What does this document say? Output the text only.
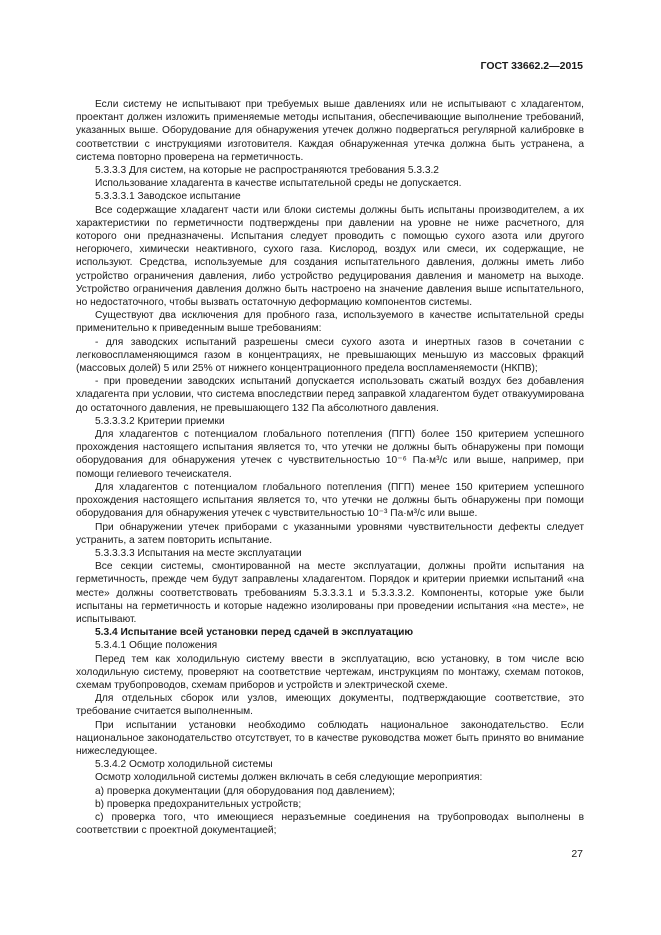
ГОСТ 33662.2—2015

Если систему не испытывают при требуемых выше давлениях или не испытывают с хладагентом, проектант должен изложить применяемые методы испытания, обеспечивающие выполнение требований, указанных выше. Оборудование для обнаружения утечек должно подвергаться регулярной калибровке в соответствии с инструкциями изготовителя. Каждая обнаруженная утечка должна быть устранена, а система повторно проверена на герметичность.

5.3.3.3 Для систем, на которые не распространяются требования 5.3.3.2

Использование хладагента в качестве испытательной среды не допускается.

5.3.3.3.1 Заводское испытание

Все содержащие хладагент части или блоки системы должны быть испытаны производителем, а их характеристики по герметичности подтверждены при давлении на уровне не ниже расчетного, для которого они предназначены. Испытания следует проводить с помощью сухого азота или другого негорючего, химически неактивного, сухого газа. Кислород, воздух или смеси, их содержащие, не используют. Средства, используемые для создания испытательного давления, должны иметь либо устройство ограничения давления, либо устройство редуцирования давления и манометр на выходе. Устройство ограничения давления должно быть настроено на значение давления выше испытательного, но недостаточного, чтобы вызвать остаточную деформацию компонентов системы.

Существуют два исключения для пробного газа, используемого в качестве испытательной среды применительно к приведенным выше требованиям:

- для заводских испытаний разрешены смеси сухого азота и инертных газов в сочетании с легковоспламеняющимся газом в концентрациях, не превышающих меньшую из массовых фракций (массовых долей) 5 или 25% от нижнего концентрационного предела воспламеняемости (НКПВ);

- при проведении заводских испытаний допускается использовать сжатый воздух без добавления хладагента при условии, что система впоследствии перед заправкой хладагентом будет отвакуумирована до остаточного давления, не превышающего 132 Па абсолютного давления.

5.3.3.3.2 Критерии приемки

Для хладагентов с потенциалом глобального потепления (ПГП) более 150 критерием успешного прохождения настоящего испытания является то, что утечки не должны быть обнаружены при помощи оборудования для обнаружения утечек с чувствительностью 10⁻⁶ Па·м³/с или выше, например, при помощи гелиевого течеискателя.

Для хладагентов с потенциалом глобального потепления (ПГП) менее 150 критерием успешного прохождения настоящего испытания является то, что утечки не должны быть обнаружены при помощи оборудования для обнаружения утечек с чувствительностью 10⁻³ Па·м³/с или выше.

При обнаружении утечек приборами с указанными уровнями чувствительности дефекты следует устранить, а затем повторить испытание.

5.3.3.3.3 Испытания на месте эксплуатации

Все секции системы, смонтированной на месте эксплуатации, должны пройти испытания на герметичность, прежде чем будут заправлены хладагентом. Порядок и критерии приемки испытаний «на месте» должны соответствовать требованиям 5.3.3.3.1 и 5.3.3.3.2. Компоненты, которые уже были испытаны на герметичность и которые надежно изолированы при проведении испытания «на месте», не испытывают.

5.3.4 Испытание всей установки перед сдачей в эксплуатацию

5.3.4.1 Общие положения

Перед тем как холодильную систему ввести в эксплуатацию, всю установку, в том числе всю холодильную систему, проверяют на соответствие чертежам, инструкциям по монтажу, схемам потоков, схемам трубопроводов, схемам приборов и устройств и электрической схеме.

Для отдельных сборок или узлов, имеющих документы, подтверждающие соответствие, это требование считается выполненным.

При испытании установки необходимо соблюдать национальное законодательство. Если национальное законодательство отсутствует, то в качестве руководства может быть принято во внимание нижеследующее.

5.3.4.2 Осмотр холодильной системы

Осмотр холодильной системы должен включать в себя следующие мероприятия:

а) проверка документации (для оборудования под давлением);

b) проверка предохранительных устройств;

c) проверка того, что имеющиеся неразъемные соединения на трубопроводах выполнены в соответствии с проектной документацией;

27
